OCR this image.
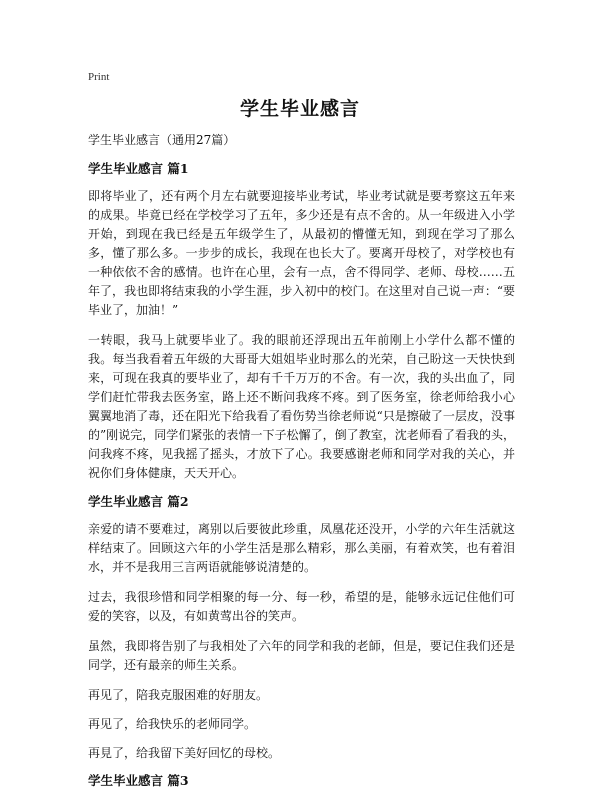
Print
学生毕业感言

学生毕业感言（通用27篇）

学生毕业感言 篇1

即将毕业了，还有两个月左右就要迎接毕业考试，毕业考试就是要考察这五年来的成果。毕竟已经在学校学习了五年，多少还是有点不舍的。从一年级进入小学开始，到现在我已经是五年级学生了，从最初的懵懂无知，到现在学习了那么多，懂了那么多。一步步的成长，我现在也长大了。要离开母校了，对学校也有一种依依不舍的感情。也许在心里，会有一点，舍不得同学、老师、母校……五年了，我也即将结束我的小学生涯，步入初中的校门。在这里对自己说一声：“要毕业了，加油！”

一转眼，我马上就要毕业了。我的眼前还浮现出五年前刚上小学什么都不懂的我。每当我看着五年级的大哥哥大姐姐毕业时那么的光荣，自己盼这一天快快到来，可现在我真的要毕业了，却有千千万万的不舍。有一次，我的头出血了，同学们赶忙带我去医务室，路上还不断问我疼不疼。到了医务室，徐老师给我小心翼翼地消了毒，还在阳光下给我看了看伤势当徐老师说“只是擦破了一层皮，没事的”刚说完，同学们紧张的表情一下子松懈了，倒了教室，沈老师看了看我的头，问我疼不疼，见我摇了摇头，才放下了心。我要感谢老师和同学对我的关心，并祝你们身体健康，天天开心。

学生毕业感言 篇2

亲爱的请不要难过，离别以后要彼此珍重，凤凰花还没开，小学的六年生活就这样结束了。回顾这六年的小学生活是那么精彩，那么美丽，有着欢笑，也有着泪水，并不是我用三言两语就能够说清楚的。

过去，我很珍惜和同学相聚的每一分、每一秒，希望的是，能够永远记住他们可爱的笑容，以及，有如黄莺出谷的笑声。

虽然，我即将告别了与我相处了六年的同学和我的老師，但是，要记住我们还是同学，还有最亲的师生关系。

再见了，陪我克服困难的好朋友。

再见了，给我快乐的老师同学。

再見了，给我留下美好回忆的母校。

学生毕业感言 篇3
